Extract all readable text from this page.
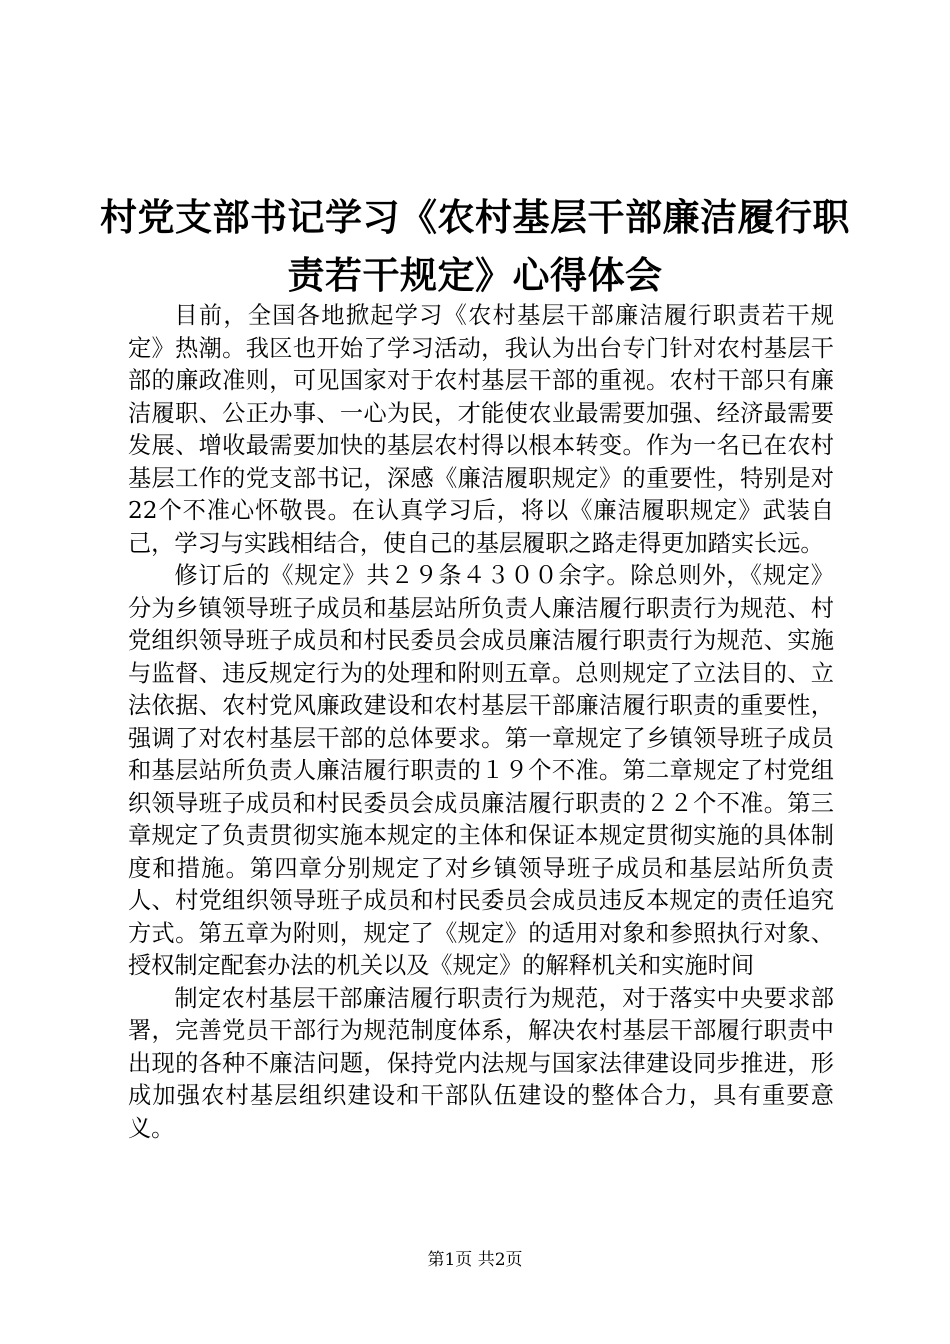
村党支部书记学习《农村基层干部廉洁履行职
责若干规定》心得体会

目前，全国各地掀起学习《农村基层干部廉洁履行职责若干规定》热潮。我区也开始了学习活动，我认为出台专门针对农村基层干部的廉政准则，可见国家对于农村基层干部的重视。农村干部只有廉洁履职、公正办事、一心为民，才能使农业最需要加强、经济最需要发展、增收最需要加快的基层农村得以根本转变。作为一名已在农村基层工作的党支部书记，深感《廉洁履职规定》的重要性，特别是对22个不准心怀敬畏。在认真学习后，将以《廉洁履职规定》武装自己，学习与实践相结合，使自己的基层履职之路走得更加踏实长远。

修订后的《规定》共２９条４３００余字。除总则外，《规定》分为乡镇领导班子成员和基层站所负责人廉洁履行职责行为规范、村党组织领导班子成员和村民委员会成员廉洁履行职责行为规范、实施与监督、违反规定行为的处理和附则五章。总则规定了立法目的、立法依据、农村党风廉政建设和农村基层干部廉洁履行职责的重要性，强调了对农村基层干部的总体要求。第一章规定了乡镇领导班子成员和基层站所负责人廉洁履行职责的１９个不准。第二章规定了村党组织领导班子成员和村民委员会成员廉洁履行职责的２２个不准。第三章规定了负责贯彻实施本规定的主体和保证本规定贯彻实施的具体制度和措施。第四章分别规定了对乡镇领导班子成员和基层站所负责人、村党组织领导班子成员和村民委员会成员违反本规定的责任追究方式。第五章为附则，规定了《规定》的适用对象和参照执行对象、授权制定配套办法的机关以及《规定》的解释机关和实施时间

制定农村基层干部廉洁履行职责行为规范，对于落实中央要求部署，完善党员干部行为规范制度体系，解决农村基层干部履行职责中出现的各种不廉洁问题，保持党内法规与国家法律建设同步推进，形成加强农村基层组织建设和干部队伍建设的整体合力，具有重要意义。

第1页 共2页
